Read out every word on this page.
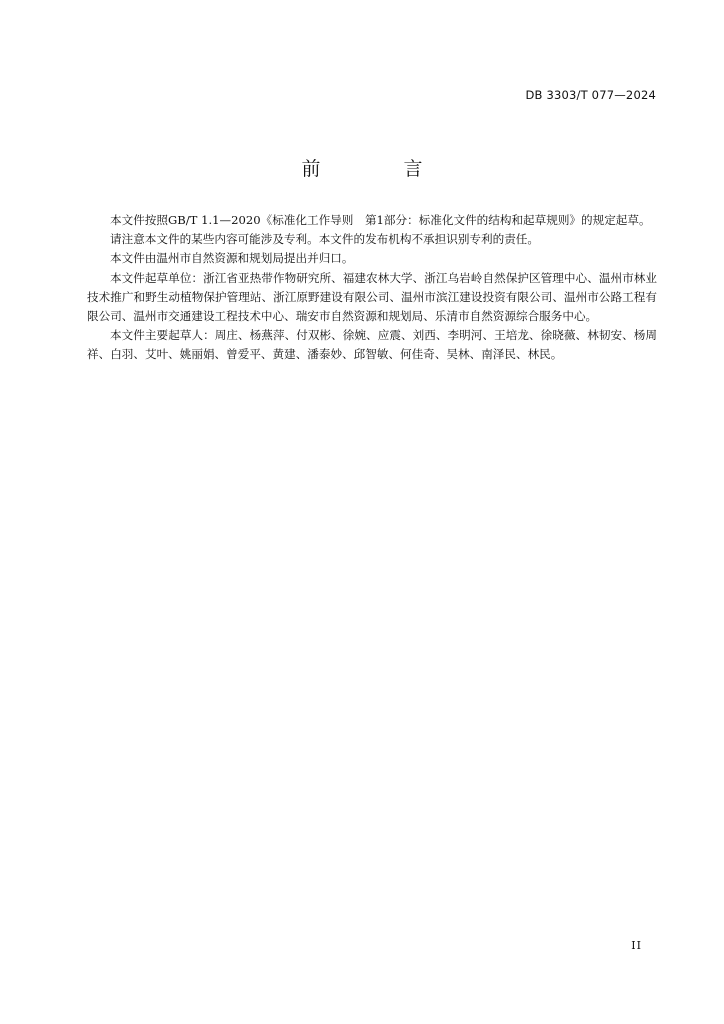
DB 3303/T 077—2024
前　言

本文件按照GB/T 1.1—2020《标准化工作导则　第1部分：标准化文件的结构和起草规则》的规定起草。

请注意本文件的某些内容可能涉及专利。本文件的发布机构不承担识别专利的责任。

本文件由温州市自然资源和规划局提出并归口。

本文件起草单位：浙江省亚热带作物研究所、福建农林大学、浙江乌岩岭自然保护区管理中心、温州市林业技术推广和野生动植物保护管理站、浙江原野建设有限公司、温州市滨江建设投资有限公司、温州市公路工程有限公司、温州市交通建设工程技术中心、瑞安市自然资源和规划局、乐清市自然资源综合服务中心。

本文件主要起草人：周庄、杨燕萍、付双彬、徐婉、应震、刘西、李明河、王培龙、徐晓薇、林韧安、杨周祥、白羽、艾叶、姚丽娟、曾爱平、黄建、潘泰妙、邱智敏、何佳奇、吴林、南泽民、林民。

II
